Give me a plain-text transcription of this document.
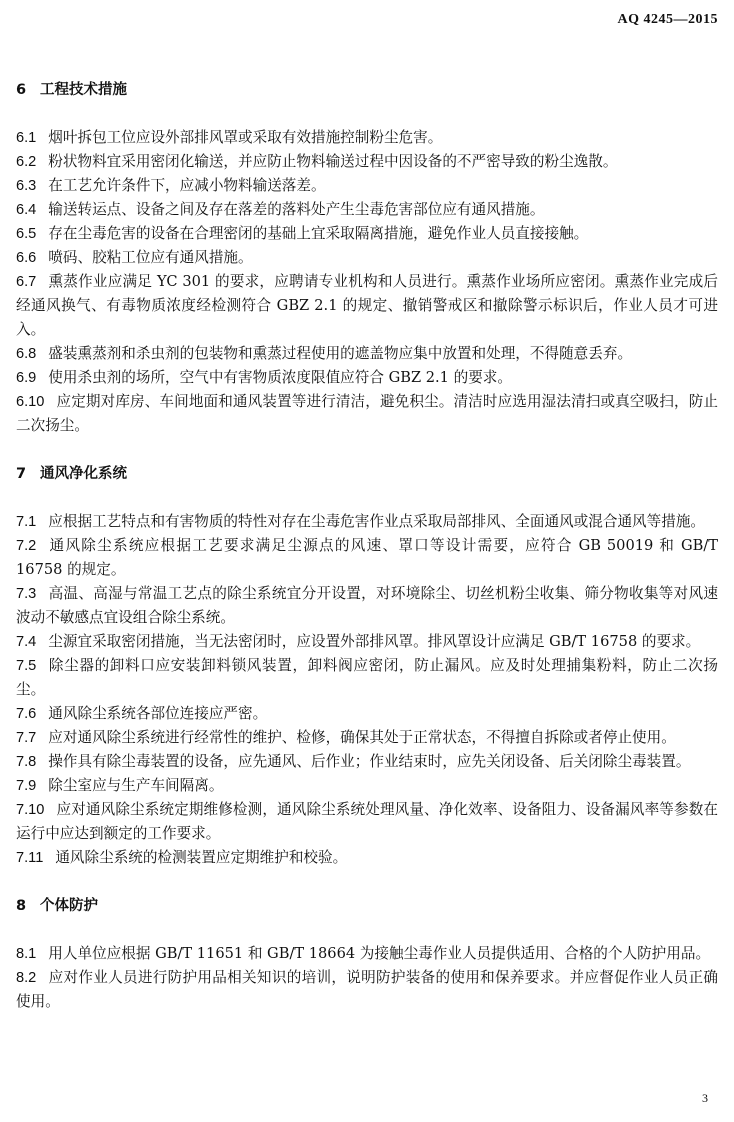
AQ 4245—2015
6 工程技术措施

6.1 烟叶拆包工位应设外部排风罩或采取有效措施控制粉尘危害。

6.2 粉状物料宜采用密闭化输送，并应防止物料输送过程中因设备的不严密导致的粉尘逸散。

6.3 在工艺允许条件下，应减小物料输送落差。

6.4 输送转运点、设备之间及存在落差的落料处产生尘毒危害部位应有通风措施。

6.5 存在尘毒危害的设备在合理密闭的基础上宜采取隔离措施，避免作业人员直接接触。

6.6 喷码、胶粘工位应有通风措施。

6.7 熏蒸作业应满足 YC 301 的要求，应聘请专业机构和人员进行。熏蒸作业场所应密闭。熏蒸作业完成后经通风换气、有毒物质浓度经检测符合 GBZ 2.1 的规定、撤销警戒区和撤除警示标识后，作业人员才可进入。

6.8 盛装熏蒸剂和杀虫剂的包装物和熏蒸过程使用的遮盖物应集中放置和处理，不得随意丢弃。

6.9 使用杀虫剂的场所，空气中有害物质浓度限值应符合 GBZ 2.1 的要求。

6.10 应定期对库房、车间地面和通风装置等进行清洁，避免积尘。清洁时应选用湿法清扫或真空吸扫，防止二次扬尘。

7 通风净化系统

7.1 应根据工艺特点和有害物质的特性对存在尘毒危害作业点采取局部排风、全面通风或混合通风等措施。

7.2 通风除尘系统应根据工艺要求满足尘源点的风速、罩口等设计需要，应符合 GB 50019 和 GB/T 16758 的规定。

7.3 高温、高湿与常温工艺点的除尘系统宜分开设置，对环境除尘、切丝机粉尘收集、筛分物收集等对风速波动不敏感点宜设组合除尘系统。

7.4 尘源宜采取密闭措施，当无法密闭时，应设置外部排风罩。排风罩设计应满足 GB/T 16758 的要求。

7.5 除尘器的卸料口应安装卸料锁风装置，卸料阀应密闭，防止漏风。应及时处理捕集粉料，防止二次扬尘。

7.6 通风除尘系统各部位连接应严密。

7.7 应对通风除尘系统进行经常性的维护、检修，确保其处于正常状态，不得擅自拆除或者停止使用。

7.8 操作具有除尘毒装置的设备，应先通风、后作业；作业结束时，应先关闭设备、后关闭除尘毒装置。

7.9 除尘室应与生产车间隔离。

7.10 应对通风除尘系统定期维修检测，通风除尘系统处理风量、净化效率、设备阻力、设备漏风率等参数在运行中应达到额定的工作要求。

7.11 通风除尘系统的检测装置应定期维护和校验。

8 个体防护

8.1 用人单位应根据 GB/T 11651 和 GB/T 18664 为接触尘毒作业人员提供适用、合格的个人防护用品。

8.2 应对作业人员进行防护用品相关知识的培训，说明防护装备的使用和保养要求。并应督促作业人员正确使用。

3
